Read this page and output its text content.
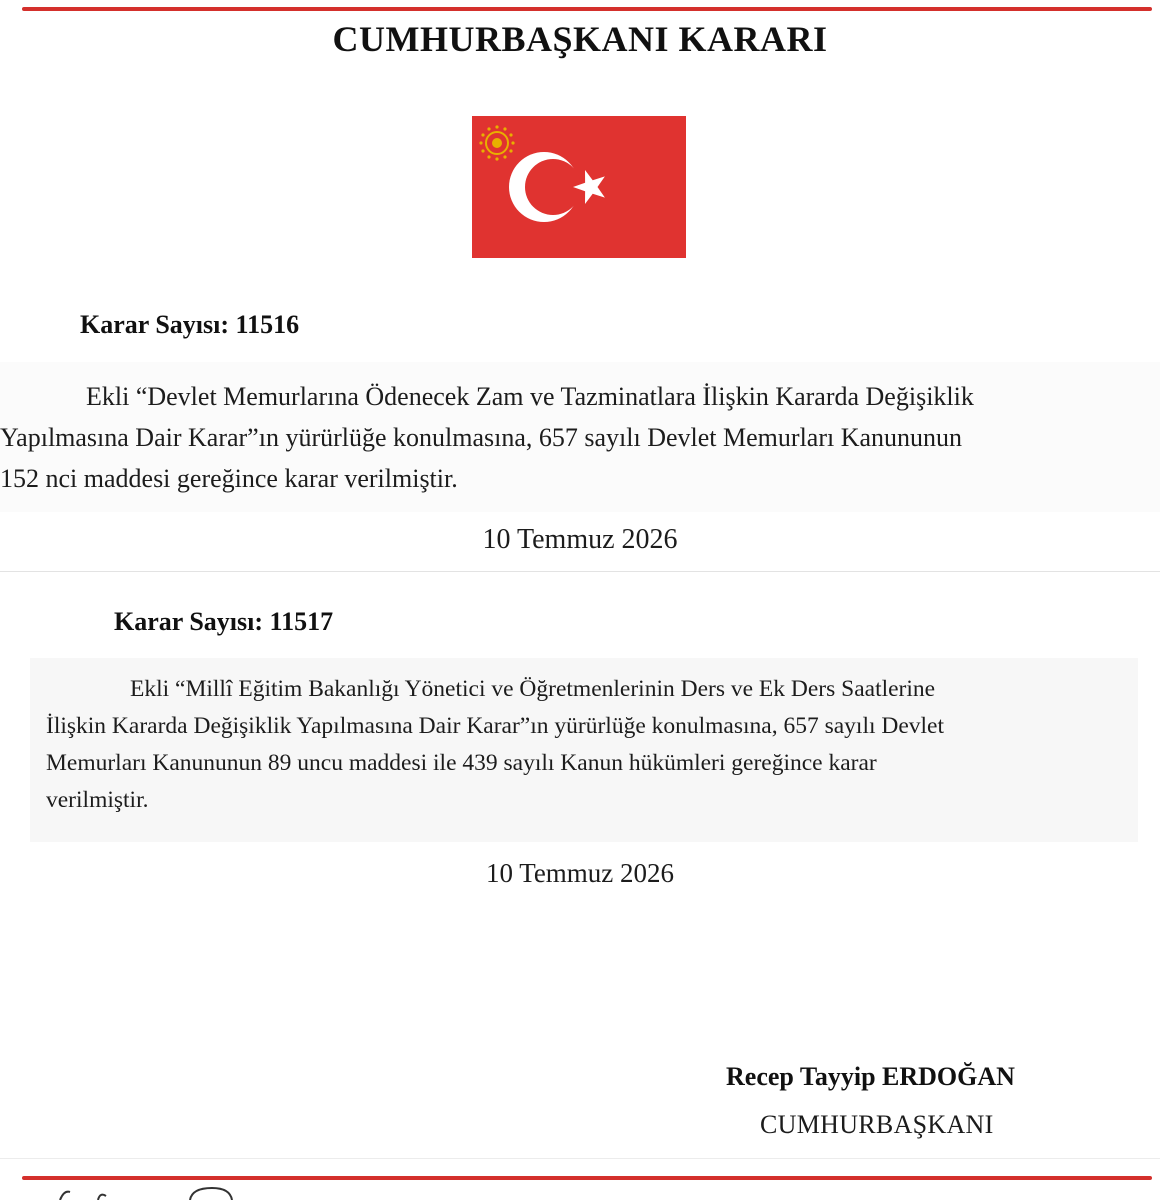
CUMHURBAŞKANI KARARI
Karar Sayısı: 11516
Ekli “Devlet Memurlarına Ödenecek Zam ve Tazminatlara İlişkin Kararda Değişiklik
Yapılmasına Dair Karar”ın yürürlüğe konulmasına, 657 sayılı Devlet Memurları Kanununun
152 nci maddesi gereğince karar verilmiştir.
10 Temmuz 2026
Karar Sayısı: 11517
Ekli “Millî Eğitim Bakanlığı Yönetici ve Öğretmenlerinin Ders ve Ek Ders Saatlerine
İlişkin Kararda Değişiklik Yapılmasına Dair Karar”ın yürürlüğe konulmasına, 657 sayılı Devlet
Memurları Kanununun 89 uncu maddesi ile 439 sayılı Kanun hükümleri gereğince karar
verilmiştir.
10 Temmuz 2026
Recep Tayyip ERDOĞAN
CUMHURBAŞKANI
